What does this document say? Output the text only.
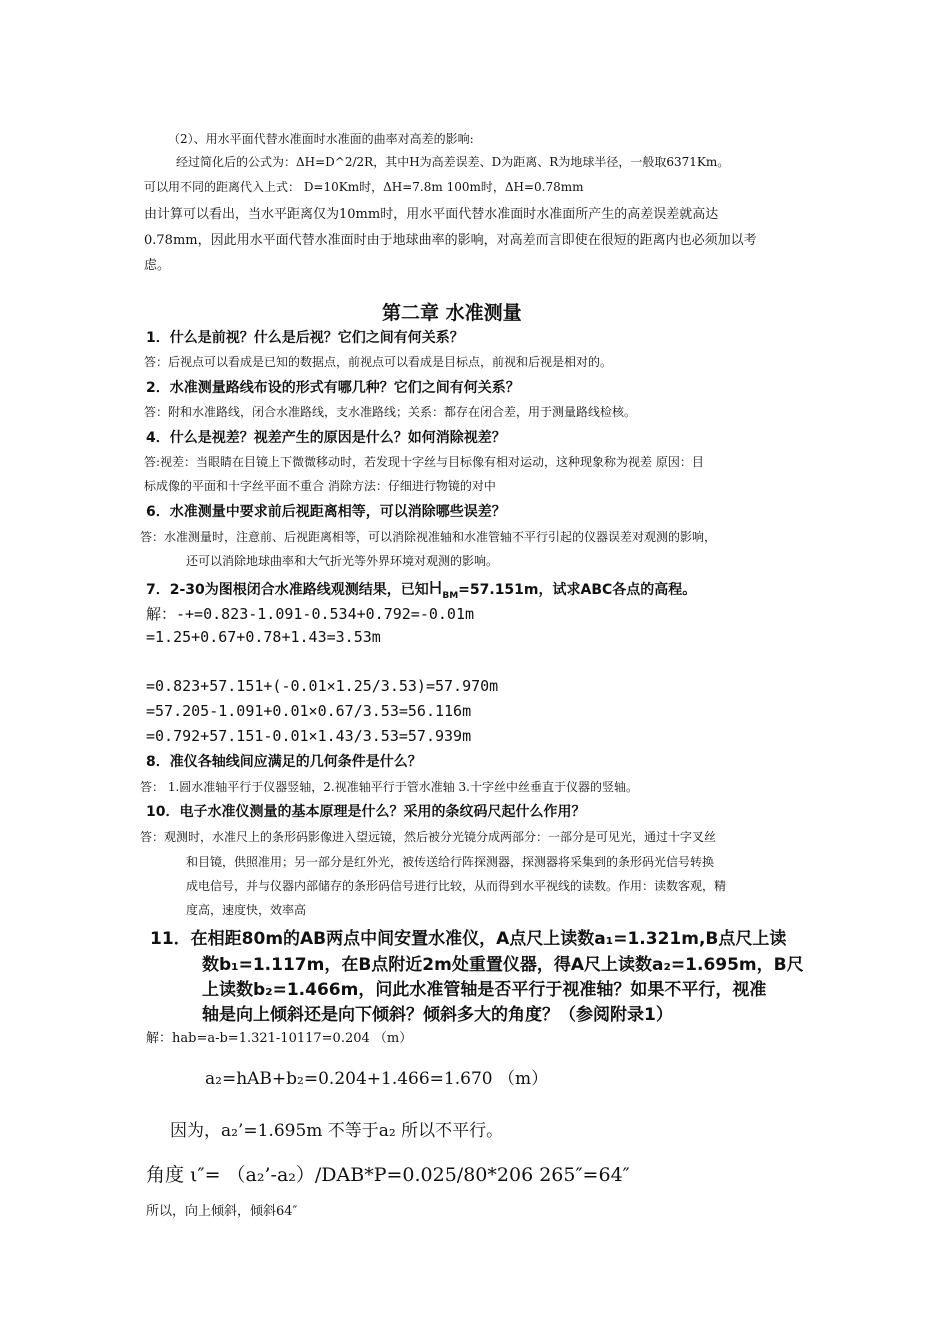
（2）、用水平面代替水准面时水准面的曲率对高差的影响:
经过简化后的公式为：ΔH=D^2/2R，其中H为高差误差、D为距离、R为地球半径，一般取6371Km。
可以用不同的距离代入上式： D=10Km时，ΔH=7.8m 100m时，ΔH=0.78mm
由计算可以看出，当水平距离仅为10mm时，用水平面代替水准面时水准面所产生的高差误差就高达
0.78mm，因此用水平面代替水准面时由于地球曲率的影响，对高差而言即使在很短的距离内也必须加以考
虑。
第二章 水准测量
1．什么是前视？什么是后视？它们之间有何关系？
答：后视点可以看成是已知的数据点，前视点可以看成是目标点，前视和后视是相对的。
2．水准测量路线布设的形式有哪几种？它们之间有何关系？
答：附和水准路线，闭合水准路线，支水准路线；关系：都存在闭合差，用于测量路线检核。
4．什么是视差？视差产生的原因是什么？如何消除视差？
答:视差：当眼睛在目镜上下微微移动时，若发现十字丝与目标像有相对运动，这种现象称为视差 原因：目
标成像的平面和十字丝平面不重合 消除方法：仔细进行物镜的对中
6．水准测量中要求前后视距离相等，可以消除哪些误差？
答：水准测量时，注意前、后视距离相等，可以消除视准轴和水准管轴不平行引起的仪器误差对观测的影响，
还可以消除地球曲率和大气折光等外界环境对观测的影响。
7．2-30为图根闭合水准路线观测结果，已知$H_{BM}=57.151m$，试求ABC各点的高程。
解：-+=0.823-1.091-0.534+0.792=-0.01m
=1.25+0.67+0.78+1.43=3.53m
=0.823+57.151+(-0.01×1.25/3.53)=57.970m
=57.205-1.091+0.01×0.67/3.53=56.116m
=0.792+57.151-0.01×1.43/3.53=57.939m
8．准仪各轴线间应满足的几何条件是什么？
答： 1.圆水准轴平行于仪器竖轴，2.视准轴平行于管水准轴 3.十字丝中丝垂直于仪器的竖轴。
10．电子水准仪测量的基本原理是什么？采用的条纹码尺起什么作用？
答：观测时，水准尺上的条形码影像进入望远镜，然后被分光镜分成两部分：一部分是可见光，通过十字叉丝
和目镜，供照准用；另一部分是红外光，被传送给行阵探测器，探测器将采集到的条形码光信号转换
成电信号，并与仪器内部储存的条形码信号进行比较，从而得到水平视线的读数。作用：读数客观，精
度高，速度快，效率高
11．在相距80m的AB两点中间安置水准仪，A点尺上读数a₁=1.321m,B点尺上读
数b₁=1.117m，在B点附近2m处重置仪器，得A尺上读数a₂=1.695m，B尺
上读数b₂=1.466m，问此水准管轴是否平行于视准轴？如果不平行，视准
轴是向上倾斜还是向下倾斜？倾斜多大的角度？（参阅附录1）
解：hab=a-b=1.321-10117=0.204 （m）
a₂=hAB+b₂=0.204+1.466=1.670 （m）
因为，a₂’=1.695m 不等于a₂ 所以不平行。
角度 ι″= （a₂’-a₂）/DAB*P=0.025/80*206 265″=64″
所以，向上倾斜，倾斜64″
